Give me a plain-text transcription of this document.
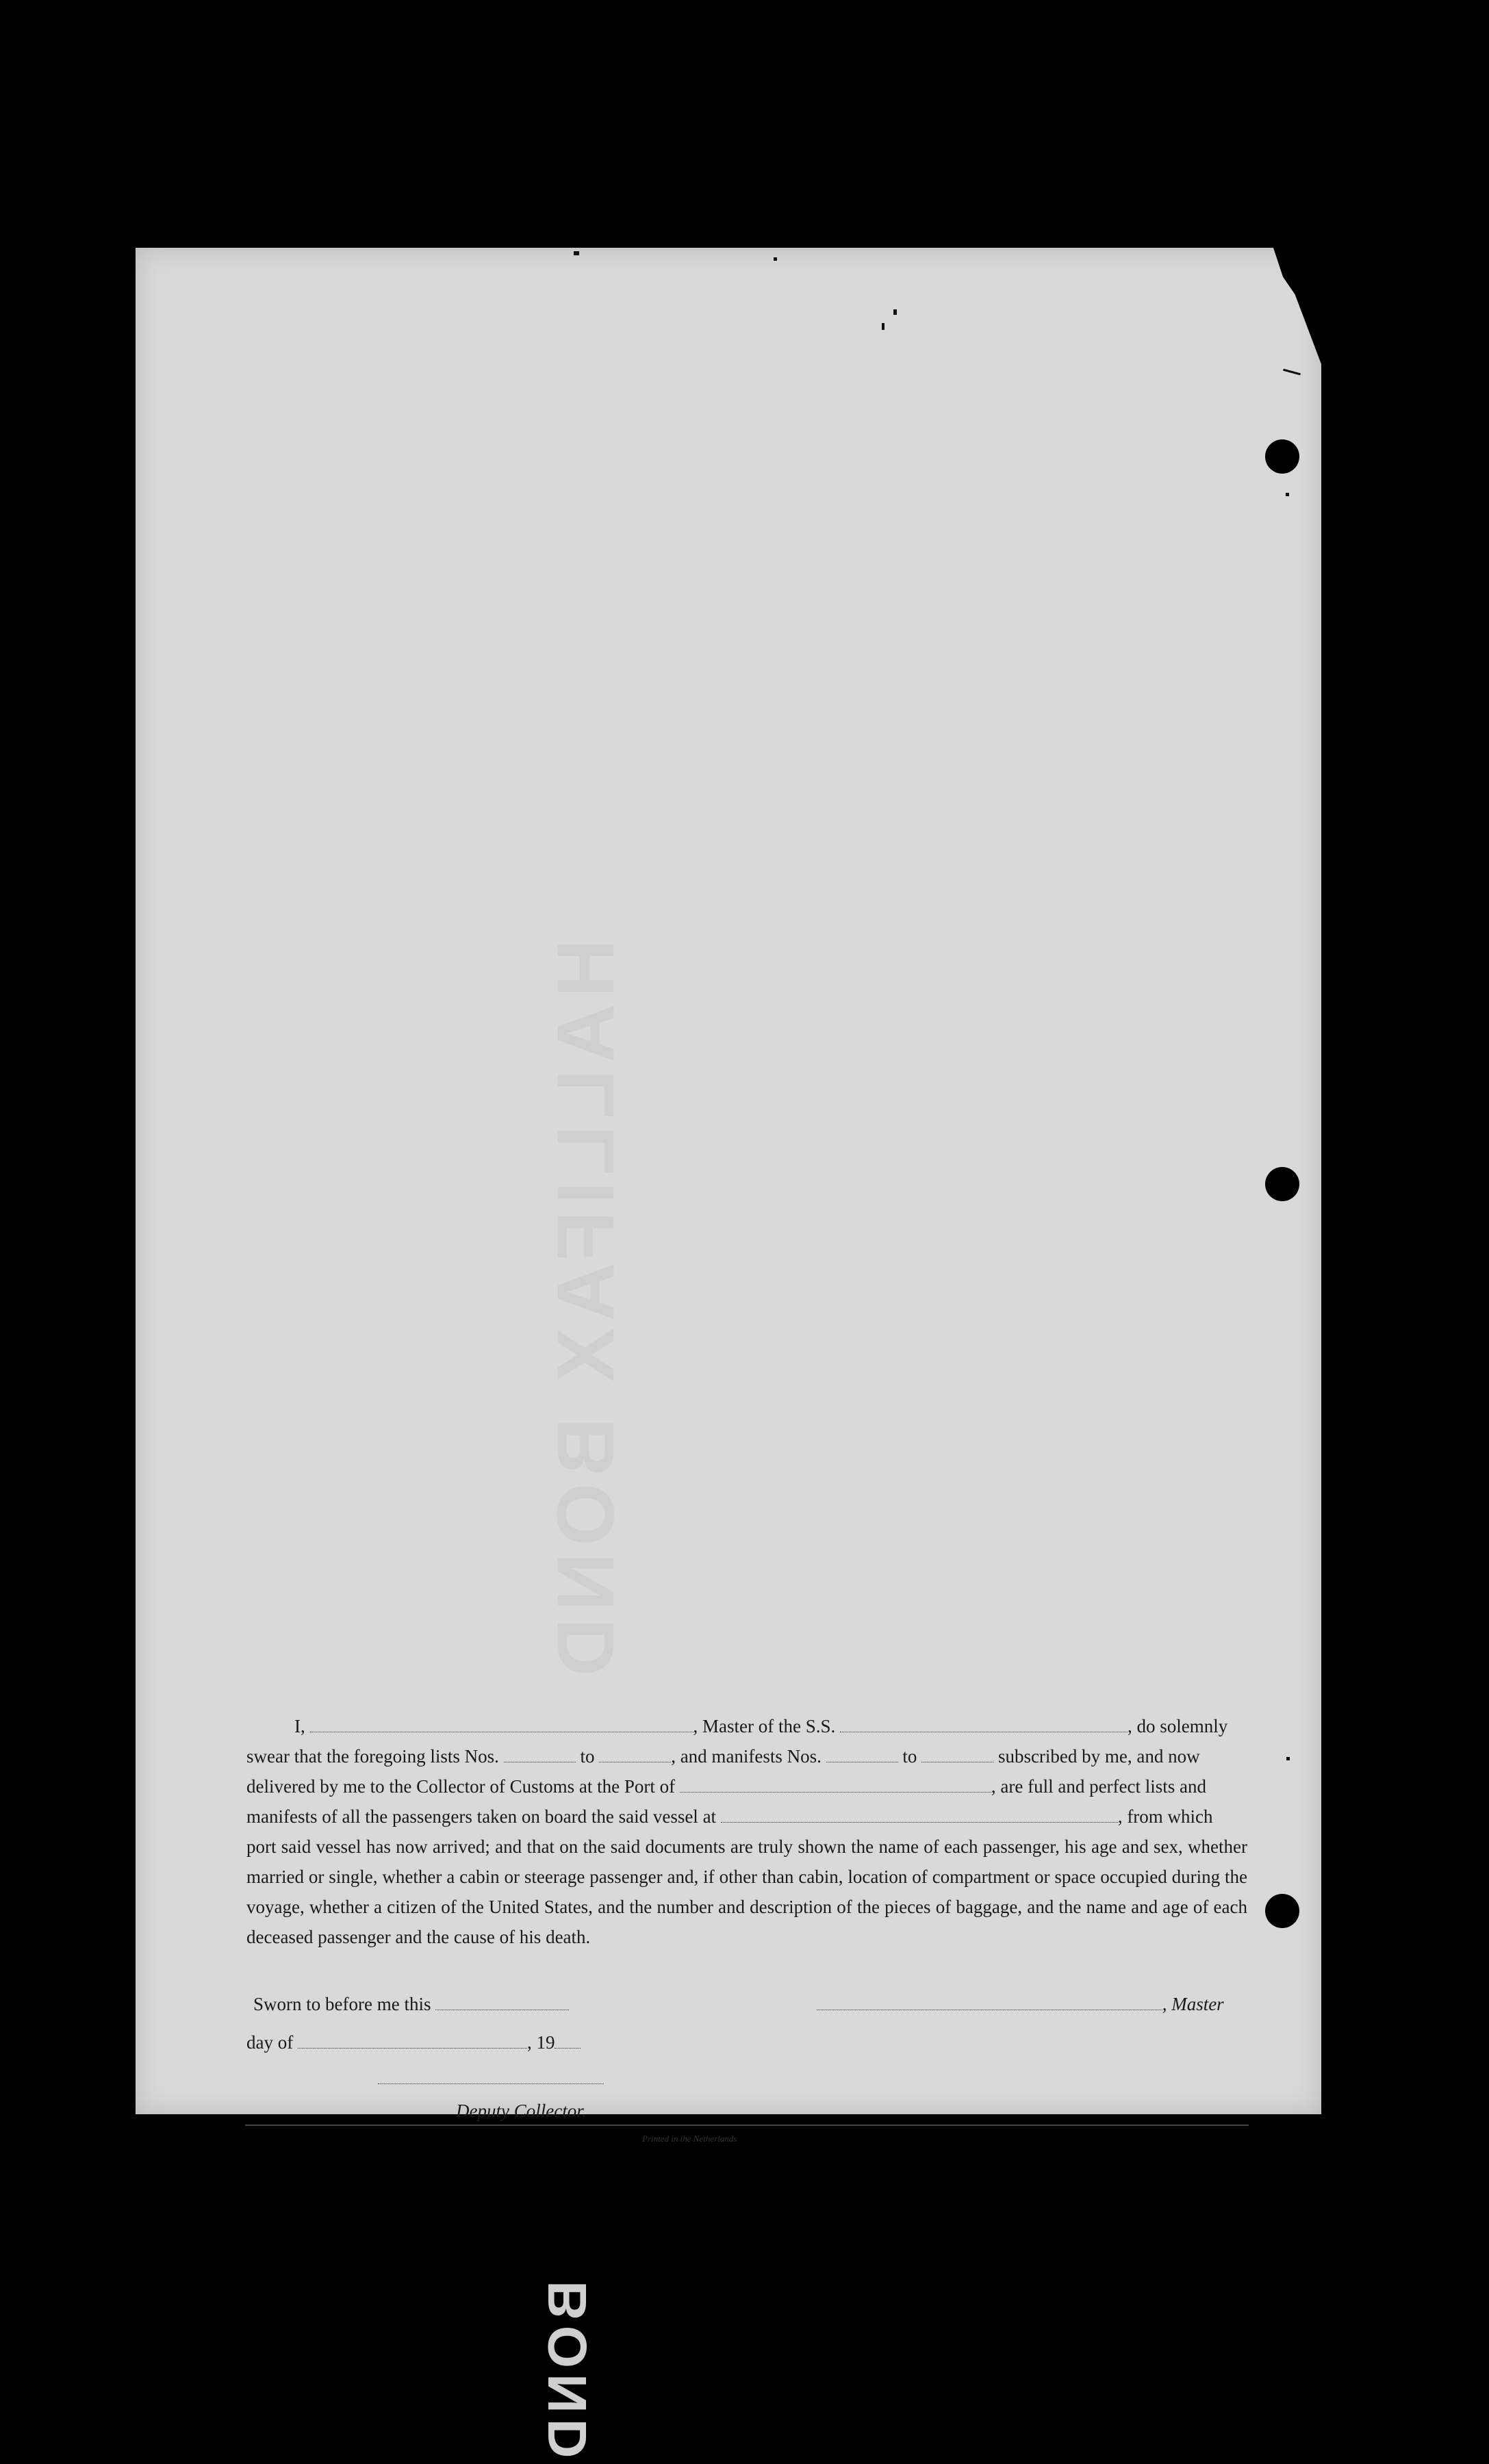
HALLIFAX BOND
BOND

I,	, Master of the S.S.	, do solemnly

swear that the foregoing lists Nos.	to	, and manifests Nos.	to	subscribed by me, and now

delivered by me to the Collector of Customs at the Port of	, are full and perfect lists and

manifests of all the passengers taken on board the said vessel at	, from which

port said vessel has now arrived; and that on the said documents are truly shown the name of each passenger, his age and sex, whether married or single, whether a cabin or steerage passenger and, if other than cabin, location of compartment or space occupied during the voyage, whether a citizen of the United States, and the number and description of the pieces of baggage, and the name and age of each deceased passenger and the cause of his death.

Sworn to before me this	, Master
day of	, 19
Deputy Collector.
Printed in the Netherlands
